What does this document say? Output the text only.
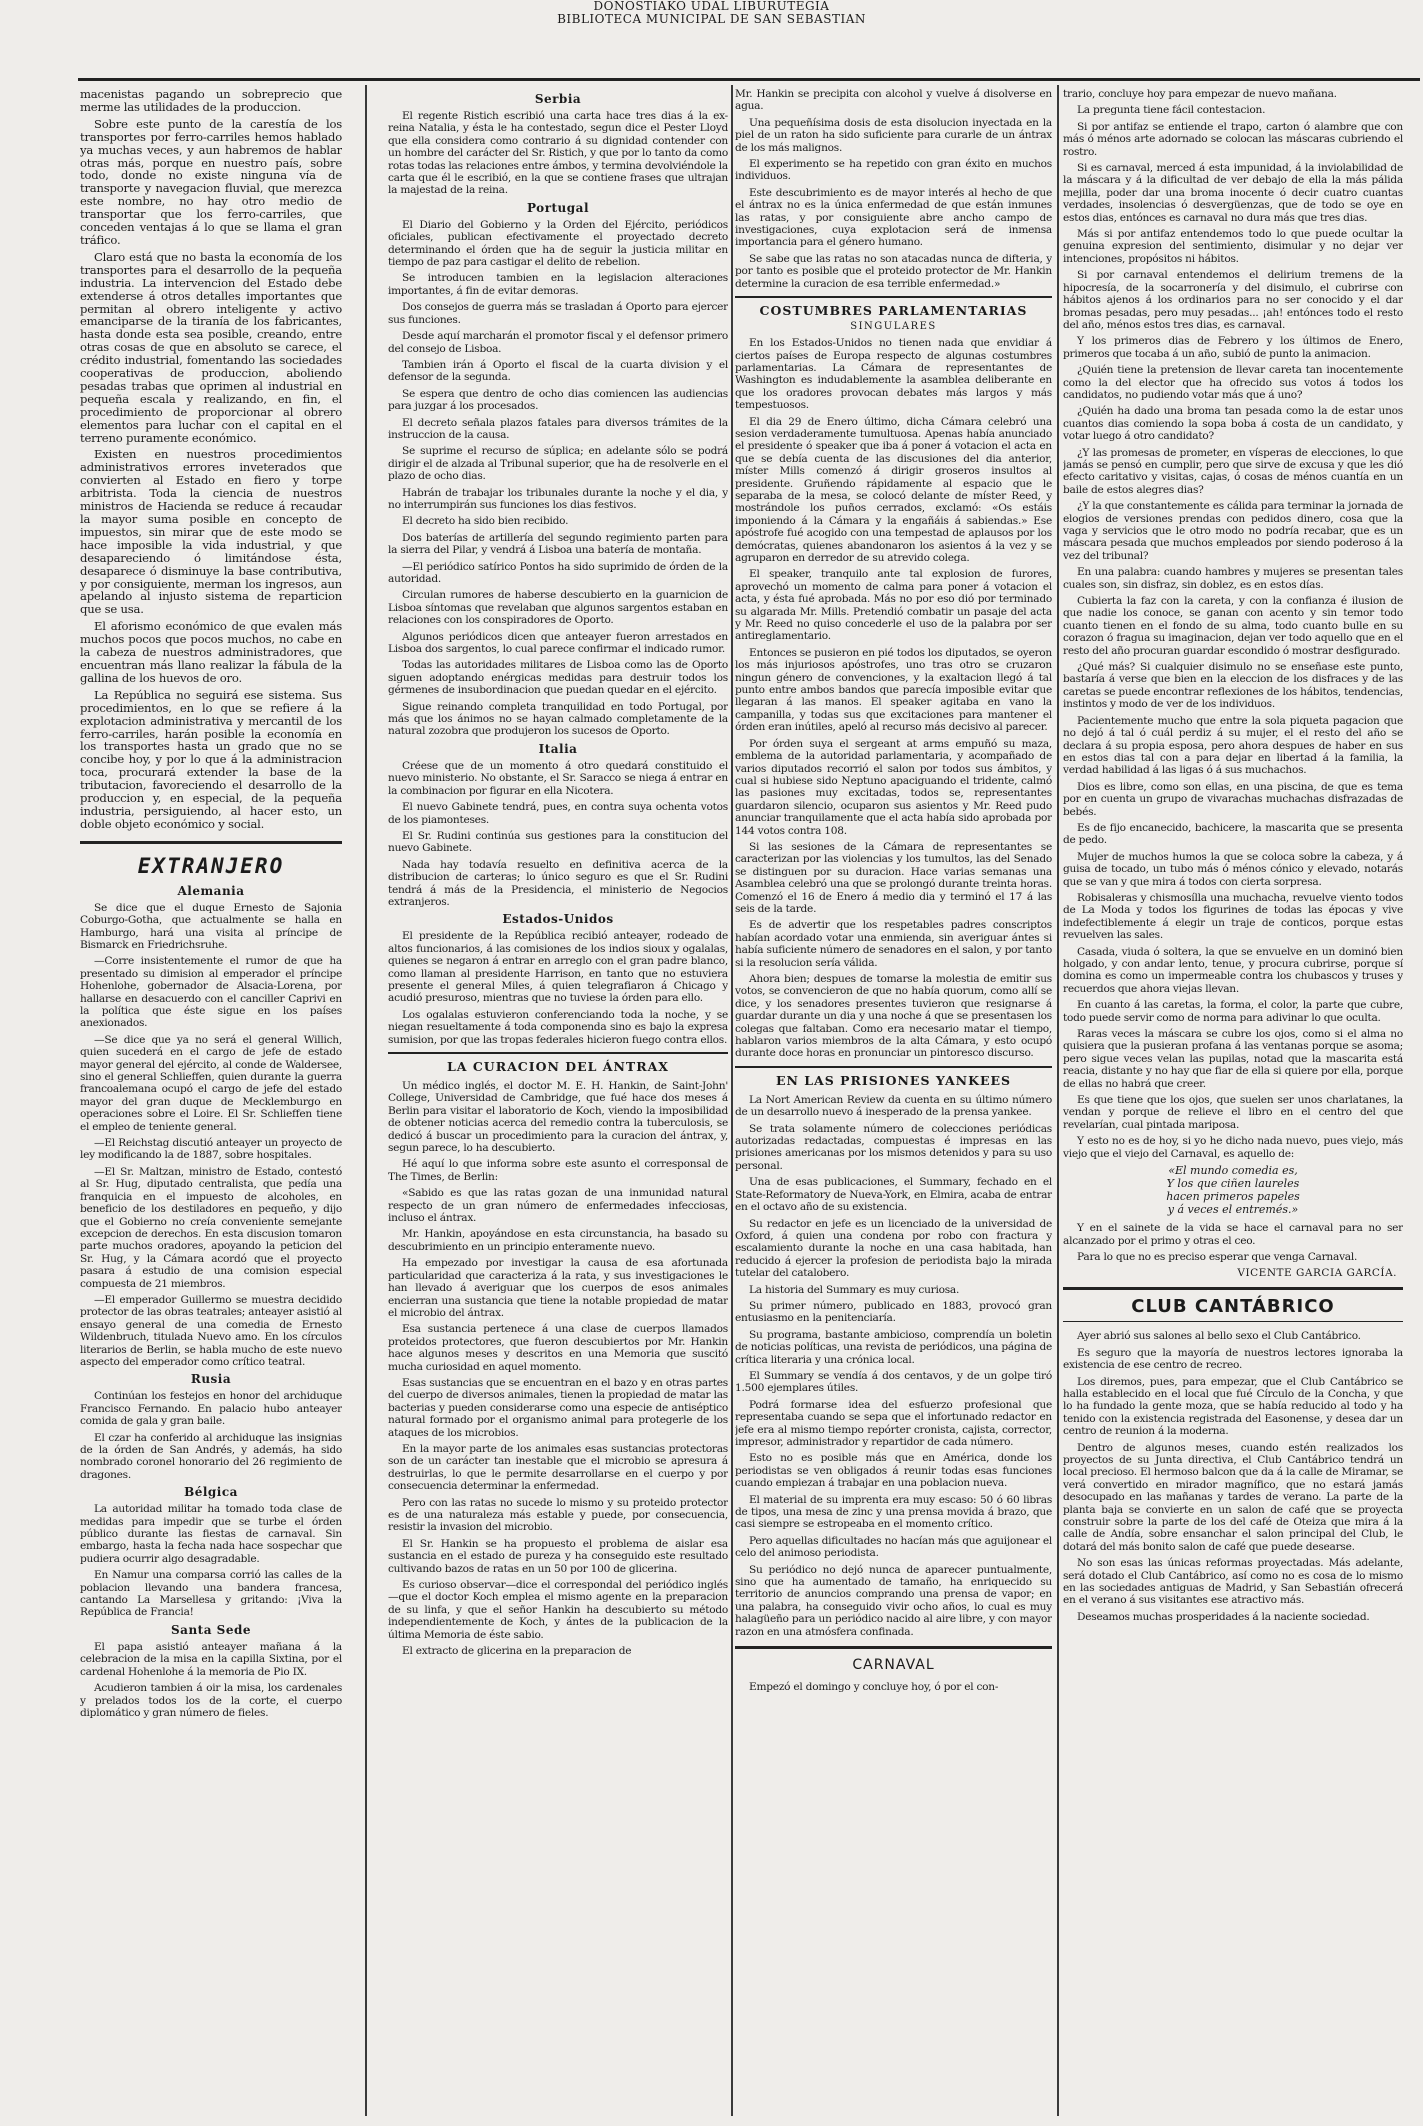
DONOSTIAKO UDAL LIBURUTEGIA
BIBLIOTECA MUNICIPAL DE SAN SEBASTIAN

macenistas pagando un sobreprecio que merme las utilidades de la produccion.

Sobre este punto de la carestía de los transportes por ferro-carriles hemos hablado ya muchas veces, y aun habremos de hablar otras más, porque en nuestro país, sobre todo, donde no existe ninguna vía de transporte y navegacion fluvial, que merezca este nombre, no hay otro medio de transportar que los ferro-carriles, que conceden ventajas á lo que se llama el gran tráfico.

Claro está que no basta la economía de los transportes para el desarrollo de la pequeña industria. La intervencion del Estado debe extenderse á otros detalles importantes que permitan al obrero inteligente y activo emanciparse de la tiranía de los fabricantes, hasta donde esta sea posible, creando, entre otras cosas de que en absoluto se carece, el crédito industrial, fomentando las sociedades cooperativas de produccion, aboliendo pesadas trabas que oprimen al industrial en pequeña escala y realizando, en fin, el procedimiento de proporcionar al obrero elementos para luchar con el capital en el terreno puramente económico.

Existen en nuestros procedimientos administrativos errores inveterados que convierten al Estado en fiero y torpe arbitrista. Toda la ciencia de nuestros ministros de Hacienda se reduce á recaudar la mayor suma posible en concepto de impuestos, sin mirar que de este modo se hace imposible la vida industrial, y que desapareciendo ó limitándose ésta, desaparece ó disminuye la base contributiva, y por consiguiente, merman los ingresos, aun apelando al injusto sistema de reparticion que se usa.

El aforismo económico de que evalen más muchos pocos que pocos muchos, no cabe en la cabeza de nuestros administradores, que encuentran más llano realizar la fábula de la gallina de los huevos de oro.

La República no seguirá ese sistema. Sus procedimientos, en lo que se refiere á la explotacion administrativa y mercantil de los ferro-carriles, harán posible la economía en los transportes hasta un grado que no se concibe hoy, y por lo que á la administracion toca, procurará extender la base de la tributacion, favoreciendo el desarrollo de la produccion y, en especial, de la pequeña industria, persiguiendo, al hacer esto, un doble objeto económico y social.

EXTRANJERO
Alemania

Se dice que el duque Ernesto de Sajonia Coburgo-Gotha, que actualmente se halla en Hamburgo, hará una visita al príncipe de Bismarck en Friedrichsruhe.

—Corre insistentemente el rumor de que ha presentado su dimision al emperador el príncipe Hohenlohe, gobernador de Alsacia-Lorena, por hallarse en desacuerdo con el canciller Caprivi en la política que éste sigue en los países anexionados.

—Se dice que ya no será el general Willich, quien sucederá en el cargo de jefe de estado mayor general del ejército, al conde de Waldersee, sino el general Schlieffen, quien durante la guerra francoalemana ocupó el cargo de jefe del estado mayor del gran duque de Mecklemburgo en operaciones sobre el Loire. El Sr. Schlieffen tiene el empleo de teniente general.

—El Reichstag discutió anteayer un proyecto de ley modificando la de 1887, sobre hospitales.

—El Sr. Maltzan, ministro de Estado, contestó al Sr. Hug, diputado centralista, que pedía una franquicia en el impuesto de alcoholes, en beneficio de los destiladores en pequeño, y dijo que el Gobierno no creía conveniente semejante excepcion de derechos. En esta discusion tomaron parte muchos oradores, apoyando la peticion del Sr. Hug, y la Cámara acordó que el proyecto pasara á estudio de una comision especial compuesta de 21 miembros.

—El emperador Guillermo se muestra decidido protector de las obras teatrales; anteayer asistió al ensayo general de una comedia de Ernesto Wildenbruch, titulada Nuevo amo. En los círculos literarios de Berlin, se habla mucho de este nuevo aspecto del emperador como crítico teatral.

Rusia

Continúan los festejos en honor del archiduque Francisco Fernando. En palacio hubo anteayer comida de gala y gran baile.

El czar ha conferido al archiduque las insignias de la órden de San Andrés, y además, ha sido nombrado coronel honorario del 26 regimiento de dragones.

Bélgica

La autoridad militar ha tomado toda clase de medidas para impedir que se turbe el órden público durante las fiestas de carnaval. Sin embargo, hasta la fecha nada hace sospechar que pudiera ocurrir algo desagradable.

En Namur una comparsa corrió las calles de la poblacion llevando una bandera francesa, cantando La Marsellesa y gritando: ¡Viva la República de Francia!

Santa Sede

El papa asistió anteayer mañana á la celebracion de la misa en la capilla Sixtina, por el cardenal Hohenlohe á la memoria de Pio IX.

Acudieron tambien á oir la misa, los cardenales y prelados todos los de la corte, el cuerpo diplomático y gran número de fieles.

Serbia

El regente Ristich escribió una carta hace tres dias á la ex-reina Natalia, y ésta le ha contestado, segun dice el Pester Lloyd que ella considera como contrario á su dignidad contender con un hombre del carácter del Sr. Ristich, y que por lo tanto da como rotas todas las relaciones entre ámbos, y termina devolviéndole la carta que él le escribió, en la que se contiene frases que ultrajan la majestad de la reina.

Portugal

El Diario del Gobierno y la Orden del Ejército, periódicos oficiales, publican efectivamente el proyectado decreto determinando el órden que ha de seguir la justicia militar en tiempo de paz para castigar el delito de rebelion.

Se introducen tambien en la legislacion alteraciones importantes, á fin de evitar demoras.

Dos consejos de guerra más se trasladan á Oporto para ejercer sus funciones.

Desde aquí marcharán el promotor fiscal y el defensor primero del consejo de Lisboa.

Tambien irán á Oporto el fiscal de la cuarta division y el defensor de la segunda.

Se espera que dentro de ocho dias comiencen las audiencias para juzgar á los procesados.

El decreto señala plazos fatales para diversos trámites de la instruccion de la causa.

Se suprime el recurso de súplica; en adelante sólo se podrá dirigir el de alzada al Tribunal superior, que ha de resolverle en el plazo de ocho dias.

Habrán de trabajar los tribunales durante la noche y el dia, y no interrumpirán sus funciones los dias festivos.

El decreto ha sido bien recibido.

Dos baterías de artillería del segundo regimiento parten para la sierra del Pilar, y vendrá á Lisboa una batería de montaña.

—El periódico satírico Pontos ha sido suprimido de órden de la autoridad.

Circulan rumores de haberse descubierto en la guarnicion de Lisboa síntomas que revelaban que algunos sargentos estaban en relaciones con los conspiradores de Oporto.

Algunos periódicos dicen que anteayer fueron arrestados en Lisboa dos sargentos, lo cual parece confirmar el indicado rumor.

Todas las autoridades militares de Lisboa como las de Oporto siguen adoptando enérgicas medidas para destruir todos los gérmenes de insubordinacion que puedan quedar en el ejército.

Sigue reinando completa tranquilidad en todo Portugal, por más que los ánimos no se hayan calmado completamente de la natural zozobra que produjeron los sucesos de Oporto.

Italia

Créese que de un momento á otro quedará constituido el nuevo ministerio. No obstante, el Sr. Saracco se niega á entrar en la combinacion por figurar en ella Nicotera.

El nuevo Gabinete tendrá, pues, en contra suya ochenta votos de los piamonteses.

El Sr. Rudini continúa sus gestiones para la constitucion del nuevo Gabinete.

Nada hay todavía resuelto en definitiva acerca de la distribucion de carteras; lo único seguro es que el Sr. Rudini tendrá á más de la Presidencia, el ministerio de Negocios extranjeros.

Estados-Unidos

El presidente de la República recibió anteayer, rodeado de altos funcionarios, á las comisiones de los indios sioux y ogalalas, quienes se negaron á entrar en arreglo con el gran padre blanco, como llaman al presidente Harrison, en tanto que no estuviera presente el general Miles, á quien telegrafiaron á Chicago y acudió presuroso, mientras que no tuviese la órden para ello.

Los ogalalas estuvieron conferenciando toda la noche, y se niegan resueltamente á toda componenda sino es bajo la expresa sumision, por que las tropas federales hicieron fuego contra ellos.

LA CURACION DEL ÁNTRAX

Un médico inglés, el doctor M. E. H. Hankin, de Saint-John' College, Universidad de Cambridge, que fué hace dos meses á Berlin para visitar el laboratorio de Koch, viendo la imposibilidad de obtener noticias acerca del remedio contra la tuberculosis, se dedicó á buscar un procedimiento para la curacion del ántrax, y, segun parece, lo ha descubierto.

Hé aquí lo que informa sobre este asunto el corresponsal de The Times, de Berlin:

«Sabido es que las ratas gozan de una inmunidad natural respecto de un gran número de enfermedades infecciosas, incluso el ántrax.

Mr. Hankin, apoyándose en esta circunstancia, ha basado su descubrimiento en un principio enteramente nuevo.

Ha empezado por investigar la causa de esa afortunada particularidad que caracteriza á la rata, y sus investigaciones le han llevado á averiguar que los cuerpos de esos animales encierran una sustancia que tiene la notable propiedad de matar el microbio del ántrax.

Esa sustancia pertenece á una clase de cuerpos llamados proteidos protectores, que fueron descubiertos por Mr. Hankin hace algunos meses y descritos en una Memoria que suscitó mucha curiosidad en aquel momento.

Esas sustancias que se encuentran en el bazo y en otras partes del cuerpo de diversos animales, tienen la propiedad de matar las bacterias y pueden considerarse como una especie de antiséptico natural formado por el organismo animal para protegerle de los ataques de los microbios.

En la mayor parte de los animales esas sustancias protectoras son de un carácter tan inestable que el microbio se apresura á destruirlas, lo que le permite desarrollarse en el cuerpo y por consecuencia determinar la enfermedad.

Pero con las ratas no sucede lo mismo y su proteido protector es de una naturaleza más estable y puede, por consecuencia, resistir la invasion del microbio.

El Sr. Hankin se ha propuesto el problema de aislar esa sustancia en el estado de pureza y ha conseguido este resultado cultivando bazos de ratas en un 50 por 100 de glicerina.

Es curioso observar—dice el correspondal del periódico inglés—que el doctor Koch emplea el mismo agente en la preparacion de su linfa, y que el señor Hankin ha descubierto su método independientemente de Koch, y ántes de la publicacion de la última Memoria de éste sabio.

El extracto de glicerina en la preparacion de

Mr. Hankin se precipita con alcohol y vuelve á disolverse en agua.

Una pequeñísima dosis de esta disolucion inyectada en la piel de un raton ha sido suficiente para curarle de un ántrax de los más malignos.

El experimento se ha repetido con gran éxito en muchos individuos.

Este descubrimiento es de mayor interés al hecho de que el ántrax no es la única enfermedad de que están inmunes las ratas, y por consiguiente abre ancho campo de investigaciones, cuya explotacion será de inmensa importancia para el género humano.

Se sabe que las ratas no son atacadas nunca de difteria, y por tanto es posible que el proteido protector de Mr. Hankin determine la curacion de esa terrible enfermedad.»

COSTUMBRES PARLAMENTARIAS
SINGULARES

En los Estados-Unidos no tienen nada que envidiar á ciertos países de Europa respecto de algunas costumbres parlamentarias. La Cámara de representantes de Washington es indudablemente la asamblea deliberante en que los oradores provocan debates más largos y más tempestuosos.

El dia 29 de Enero último, dicha Cámara celebró una sesion verdaderamente tumultuosa. Apenas había anunciado el presidente ó speaker que iba á poner á votacion el acta en que se debía cuenta de las discusiones del dia anterior, míster Mills comenzó á dirigir groseros insultos al presidente. Gruñendo rápidamente al espacio que le separaba de la mesa, se colocó delante de míster Reed, y mostrándole los puños cerrados, exclamó: «Os estáis imponiendo á la Cámara y la engañáis á sabiendas.» Ese apóstrofe fué acogido con una tempestad de aplausos por los demócratas, quienes abandonaron los asientos á la vez y se agruparon en derredor de su atrevido colega.

El speaker, tranquilo ante tal explosion de furores, aprovechó un momento de calma para poner á votacion el acta, y ésta fué aprobada. Más no por eso dió por terminado su algarada Mr. Mills. Pretendió combatir un pasaje del acta y Mr. Reed no quiso concederle el uso de la palabra por ser antireglamentario.

Entonces se pusieron en pié todos los diputados, se oyeron los más injuriosos apóstrofes, uno tras otro se cruzaron ningun género de convenciones, y la exaltacion llegó á tal punto entre ambos bandos que parecía imposible evitar que llegaran á las manos. El speaker agitaba en vano la campanilla, y todas sus que excitaciones para mantener el órden eran inútiles, apeló al recurso más decisivo al parecer.

Por órden suya el sergeant at arms empuñó su maza, emblema de la autoridad parlamentaria, y acompañado de varios diputados recorrió el salon por todos sus ámbitos, y cual si hubiese sido Neptuno apaciguando el tridente, calmó las pasiones muy excitadas, todos se, representantes guardaron silencio, ocuparon sus asientos y Mr. Reed pudo anunciar tranquilamente que el acta había sido aprobada por 144 votos contra 108.

Si las sesiones de la Cámara de representantes se caracterizan por las violencias y los tumultos, las del Senado se distinguen por su duracion. Hace varias semanas una Asamblea celebró una que se prolongó durante treinta horas. Comenzó el 16 de Enero á medio dia y terminó el 17 á las seis de la tarde.

Es de advertir que los respetables padres conscriptos habían acordado votar una enmienda, sin averiguar ántes si había suficiente número de senadores en el salon, y por tanto si la resolucion sería válida.

Ahora bien; despues de tomarse la molestia de emitir sus votos, se convencieron de que no había quorum, como allí se dice, y los senadores presentes tuvieron que resignarse á guardar durante un dia y una noche á que se presentasen los colegas que faltaban. Como era necesario matar el tiempo, hablaron varios miembros de la alta Cámara, y esto ocupó durante doce horas en pronunciar un pintoresco discurso.

EN LAS PRISIONES YANKEES

La Nort American Review da cuenta en su último número de un desarrollo nuevo á inesperado de la prensa yankee.

Se trata solamente número de colecciones periódicas autorizadas redactadas, compuestas é impresas en las prisiones americanas por los mismos detenidos y para su uso personal.

Una de esas publicaciones, el Summary, fechado en el State-Reformatory de Nueva-York, en Elmira, acaba de entrar en el octavo año de su existencia.

Su redactor en jefe es un licenciado de la universidad de Oxford, á quien una condena por robo con fractura y escalamiento durante la noche en una casa habitada, han reducido á ejercer la profesion de periodista bajo la mirada tutelar del catalobero.

La historia del Summary es muy curiosa.

Su primer número, publicado en 1883, provocó gran entusiasmo en la penitenciaría.

Su programa, bastante ambicioso, comprendía un boletin de noticias políticas, una revista de periódicos, una página de crítica literaria y una crónica local.

El Summary se vendía á dos centavos, y de un golpe tiró 1.500 ejemplares útiles.

Podrá formarse idea del esfuerzo profesional que representaba cuando se sepa que el infortunado redactor en jefe era al mismo tiempo repórter cronista, cajista, corrector, impresor, administrador y repartidor de cada número.

Esto no es posible más que en América, donde los periodistas se ven obligados á reunir todas esas funciones cuando empiezan á trabajar en una poblacion nueva.

El material de su imprenta era muy escaso: 50 ó 60 libras de tipos, una mesa de zinc y una prensa movida á brazo, que casi siempre se estropeaba en el momento crítico.

Pero aquellas dificultades no hacían más que aguijonear el celo del animoso periodista.

Su periódico no dejó nunca de aparecer puntualmente, sino que ha aumentado de tamaño, ha enriquecido su territorio de anuncios comprando una prensa de vapor; en una palabra, ha conseguido vivir ocho años, lo cual es muy halagüeño para un periódico nacido al aire libre, y con mayor razon en una atmósfera confinada.

CARNAVAL

Empezó el domingo y concluye hoy, ó por el con-

trario, concluye hoy para empezar de nuevo mañana.

La pregunta tiene fácil contestacion.

Si por antifaz se entiende el trapo, carton ó alambre que con más ó ménos arte adornado se colocan las máscaras cubriendo el rostro.

Si es carnaval, merced á esta impunidad, á la inviolabilidad de la máscara y á la dificultad de ver debajo de ella la más pálida mejilla, poder dar una broma inocente ó decir cuatro cuantas verdades, insolencias ó desvergüenzas, que de todo se oye en estos dias, entónces es carnaval no dura más que tres dias.

Más si por antifaz entendemos todo lo que puede ocultar la genuina expresion del sentimiento, disimular y no dejar ver intenciones, propósitos ni hábitos.

Si por carnaval entendemos el delirium tremens de la hipocresía, de la socarronería y del disimulo, el cubrirse con hábitos ajenos á los ordinarios para no ser conocido y el dar bromas pesadas, pero muy pesadas... ¡ah! entónces todo el resto del año, ménos estos tres dias, es carnaval.

Y los primeros dias de Febrero y los últimos de Enero, primeros que tocaba á un año, subió de punto la animacion.

¿Quién tiene la pretension de llevar careta tan inocentemente como la del elector que ha ofrecido sus votos á todos los candidatos, no pudiendo votar más que á uno?

¿Quién ha dado una broma tan pesada como la de estar unos cuantos dias comiendo la sopa boba á costa de un candidato, y votar luego á otro candidato?

¿Y las promesas de prometer, en vísperas de elecciones, lo que jamás se pensó en cumplir, pero que sirve de excusa y que les dió efecto caritativo y visitas, cajas, ó cosas de ménos cuantía en un baile de estos alegres dias?

¿Y la que constantemente es cálida para terminar la jornada de elogios de versiones prendas con pedidos dinero, cosa que la vaga y servicios que le otro modo no podría recabar, que es un máscara pesada que muchos empleados por siendo poderoso á la vez del tribunal?

En una palabra: cuando hambres y mujeres se presentan tales cuales son, sin disfraz, sin doblez, es en estos días.

Cubierta la faz con la careta, y con la confianza é ilusion de que nadie los conoce, se ganan con acento y sin temor todo cuanto tienen en el fondo de su alma, todo cuanto bulle en su corazon ó fragua su imaginacion, dejan ver todo aquello que en el resto del año procuran guardar escondido ó mostrar desfigurado.

¿Qué más? Si cualquier disimulo no se enseñase este punto, bastaría á verse que bien en la eleccion de los disfraces y de las caretas se puede encontrar reflexiones de los hábitos, tendencias, instintos y modo de ver de los individuos.

Pacientemente mucho que entre la sola piqueta pagacion que no dejó á tal ó cuál perdiz á su mujer, el el resto del año se declara á su propia esposa, pero ahora despues de haber en sus en estos dias tal con a para dejar en libertad á la familia, la verdad habilidad á las ligas ó á sus muchachos.

Dios es libre, como son ellas, en una piscina, de que es tema por en cuenta un grupo de vivarachas muchachas disfrazadas de bebés.

Es de fijo encanecido, bachicere, la mascarita que se presenta de pedo.

Mujer de muchos humos la que se coloca sobre la cabeza, y á guisa de tocado, un tubo más ó ménos cónico y elevado, notarás que se van y que mira á todos con cierta sorpresa.

Robisaleras y chismosílla una muchacha, revuelve viento todos de La Moda y todos los figurines de todas las épocas y vive indefectiblemente á elegir un traje de conticos, porque estas revuelven las sales.

Casada, viuda ó soltera, la que se envuelve en un dominó bien holgado, y con andar lento, tenue, y procura cubrirse, porque sí domina es como un impermeable contra los chubascos y truses y recuerdos que ahora viejas llevan.

En cuanto á las caretas, la forma, el color, la parte que cubre, todo puede servir como de norma para adivinar lo que oculta.

Raras veces la máscara se cubre los ojos, como si el alma no quisiera que la pusieran profana á las ventanas porque se asoma; pero sigue veces velan las pupilas, notad que la mascarita está reacia, distante y no hay que fiar de ella si quiere por ella, porque de ellas no habrá que creer.

Es que tiene que los ojos, que suelen ser unos charlatanes, la vendan y porque de relieve el libro en el centro del que revelarían, cual pintada mariposa.

Y esto no es de hoy, si yo he dicho nada nuevo, pues viejo, más viejo que el viejo del Carnaval, es aquello de:

«El mundo comedia es,
Y los que ciñen laureles
hacen primeros papeles
y á veces el entremés.»

Y en el sainete de la vida se hace el carnaval para no ser alcanzado por el primo y otras el ceo.

Para lo que no es preciso esperar que venga Carnaval.

VICENTE GARCIA GARCÍA.
CLUB CANTÁBRICO

Ayer abrió sus salones al bello sexo el Club Cantábrico.

Es seguro que la mayoría de nuestros lectores ignoraba la existencia de ese centro de recreo.

Los diremos, pues, para empezar, que el Club Cantábrico se halla establecido en el local que fué Círculo de la Concha, y que lo ha fundado la gente moza, que se había reducido al todo y ha tenido con la existencia registrada del Easonense, y desea dar un centro de reunion á la moderna.

Dentro de algunos meses, cuando estén realizados los proyectos de su Junta directiva, el Club Cantábrico tendrá un local precioso. El hermoso balcon que da á la calle de Miramar, se verá convertido en mirador magnífico, que no estará jamás desocupado en las mañanas y tardes de verano. La parte de la planta baja se convierte en un salon de café que se proyecta construir sobre la parte de los del café de Oteiza que mira á la calle de Andía, sobre ensanchar el salon principal del Club, le dotará del más bonito salon de café que puede desearse.

No son esas las únicas reformas proyectadas. Más adelante, será dotado el Club Cantábrico, así como no es cosa de lo mismo en las sociedades antiguas de Madrid, y San Sebastián ofrecerá en el verano á sus visitantes ese atractivo más.

Deseamos muchas prosperidades á la naciente sociedad.
